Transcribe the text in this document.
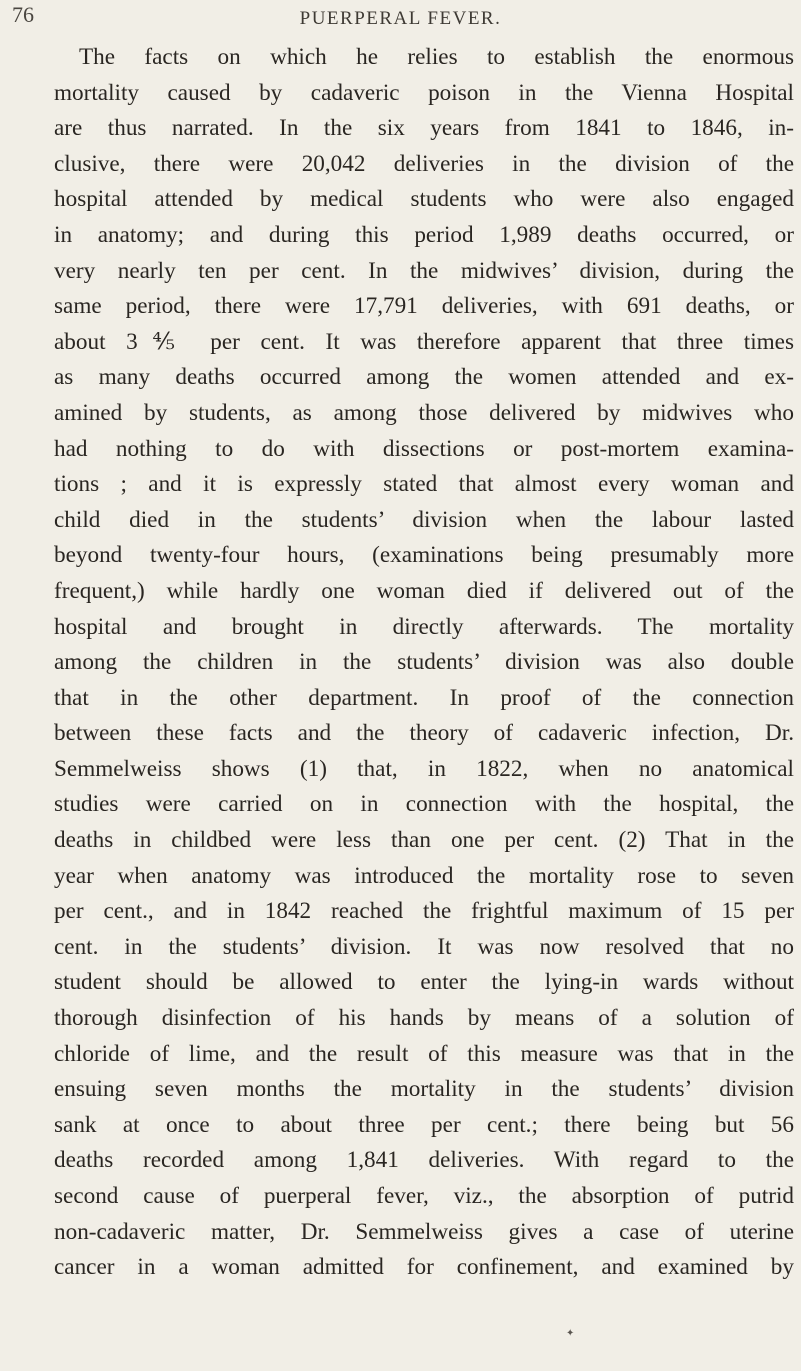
76	PUERPERAL FEVER.
The facts on which he relies to establish the enormous
mortality caused by cadaveric poison in the Vienna Hospital
are thus narrated. In the six years from 1841 to 1846, in-
clusive, there were 20,042 deliveries in the division of the
hospital attended by medical students who were also engaged
in anatomy; and during this period 1,989 deaths occurred, or
very nearly ten per cent. In the midwives’ division, during the
same period, there were 17,791 deliveries, with 691 deaths, or
about 3⅘ per cent. It was therefore apparent that three times
as many deaths occurred among the women attended and ex-
amined by students, as among those delivered by midwives who
had nothing to do with dissections or post-mortem examina-
tions ; and it is expressly stated that almost every woman and
child died in the students’ division when the labour lasted
beyond twenty-four hours, (examinations being presumably more
frequent,) while hardly one woman died if delivered out of the
hospital and brought in directly afterwards. The mortality
among the children in the students’ division was also double
that in the other department. In proof of the connection
between these facts and the theory of cadaveric infection, Dr.
Semmelweiss shows (1) that, in 1822, when no anatomical
studies were carried on in connection with the hospital, the
deaths in childbed were less than one per cent. (2) That in the
year when anatomy was introduced the mortality rose to seven
per cent., and in 1842 reached the frightful maximum of 15 per
cent. in the students’ division. It was now resolved that no
student should be allowed to enter the lying-in wards without
thorough disinfection of his hands by means of a solution of
chloride of lime, and the result of this measure was that in the
ensuing seven months the mortality in the students’ division
sank at once to about three per cent.; there being but 56
deaths recorded among 1,841 deliveries. With regard to the
second cause of puerperal fever, viz., the absorption of putrid
non-cadaveric matter, Dr. Semmelweiss gives a case of uterine
cancer in a woman admitted for confinement, and examined by
✦
